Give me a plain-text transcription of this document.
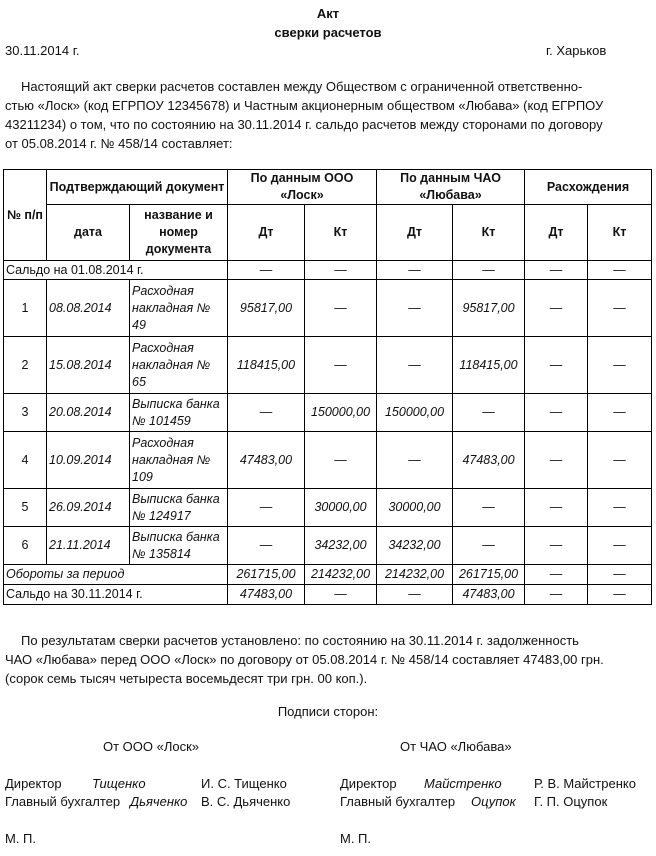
Акт
сверки расчетов
30.11.2014 г.	г. Харьков
Настоящий акт сверки расчетов составлен между Обществом с ограниченной ответственно-
стью «Лоск» (код ЕГРПОУ 12345678) и Частным акционерным обществом «Любава» (код ЕГРПОУ
43211234) о том, что по состоянию на 30.11.2014 г. сальдо расчетов между сторонами по договору
от 05.08.2014 г. № 458/14 составляет:
№ п/п	Подтверждающий документ		По данным ООО «Лоск»		По данным ЧАО «Любава»		Расхождения	
	дата	название и номер документа	Дт	Кт	Дт	Кт	Дт	Кт
Сальдо на 01.08.2014 г.			—	—	—	—	—	—
1	08.08.2014	Расходная накладная № 49	95817,00	—	—	95817,00	—	—
2	15.08.2014	Расходная накладная № 65	118415,00	—	—	118415,00	—	—
3	20.08.2014	Выписка банка № 101459	—	150000,00	150000,00	—	—	—
4	10.09.2014	Расходная накладная № 109	47483,00	—	—	47483,00	—	—
5	26.09.2014	Выписка банка № 124917	—	30000,00	30000,00	—	—	—
6	21.11.2014	Выписка банка № 135814	—	34232,00	34232,00	—	—	—
Обороты за период			261715,00	214232,00	214232,00	261715,00	—	—
Сальдо на 30.11.2014 г.			47483,00	—	—	47483,00	—	—
По результатам сверки расчетов установлено: по состоянию на 30.11.2014 г. задолженность
ЧАО «Любава» перед ООО «Лоск» по договору от 05.08.2014 г. № 458/14 составляет 47483,00 грн.
(сорок семь тысяч четыреста восемьдесят три грн. 00 коп.).
Подписи сторон:
От ООО «Лоск»	От ЧАО «Любава»
Директор Тищенко	И. С. Тищенко
Главный бухгалтер Дьяченко В. С. Дьяченко
Директор Майстренко Р. В. Майстренко
Главный бухгалтер Оцупок Г. П. Оцупок
М. П.	М. П.
